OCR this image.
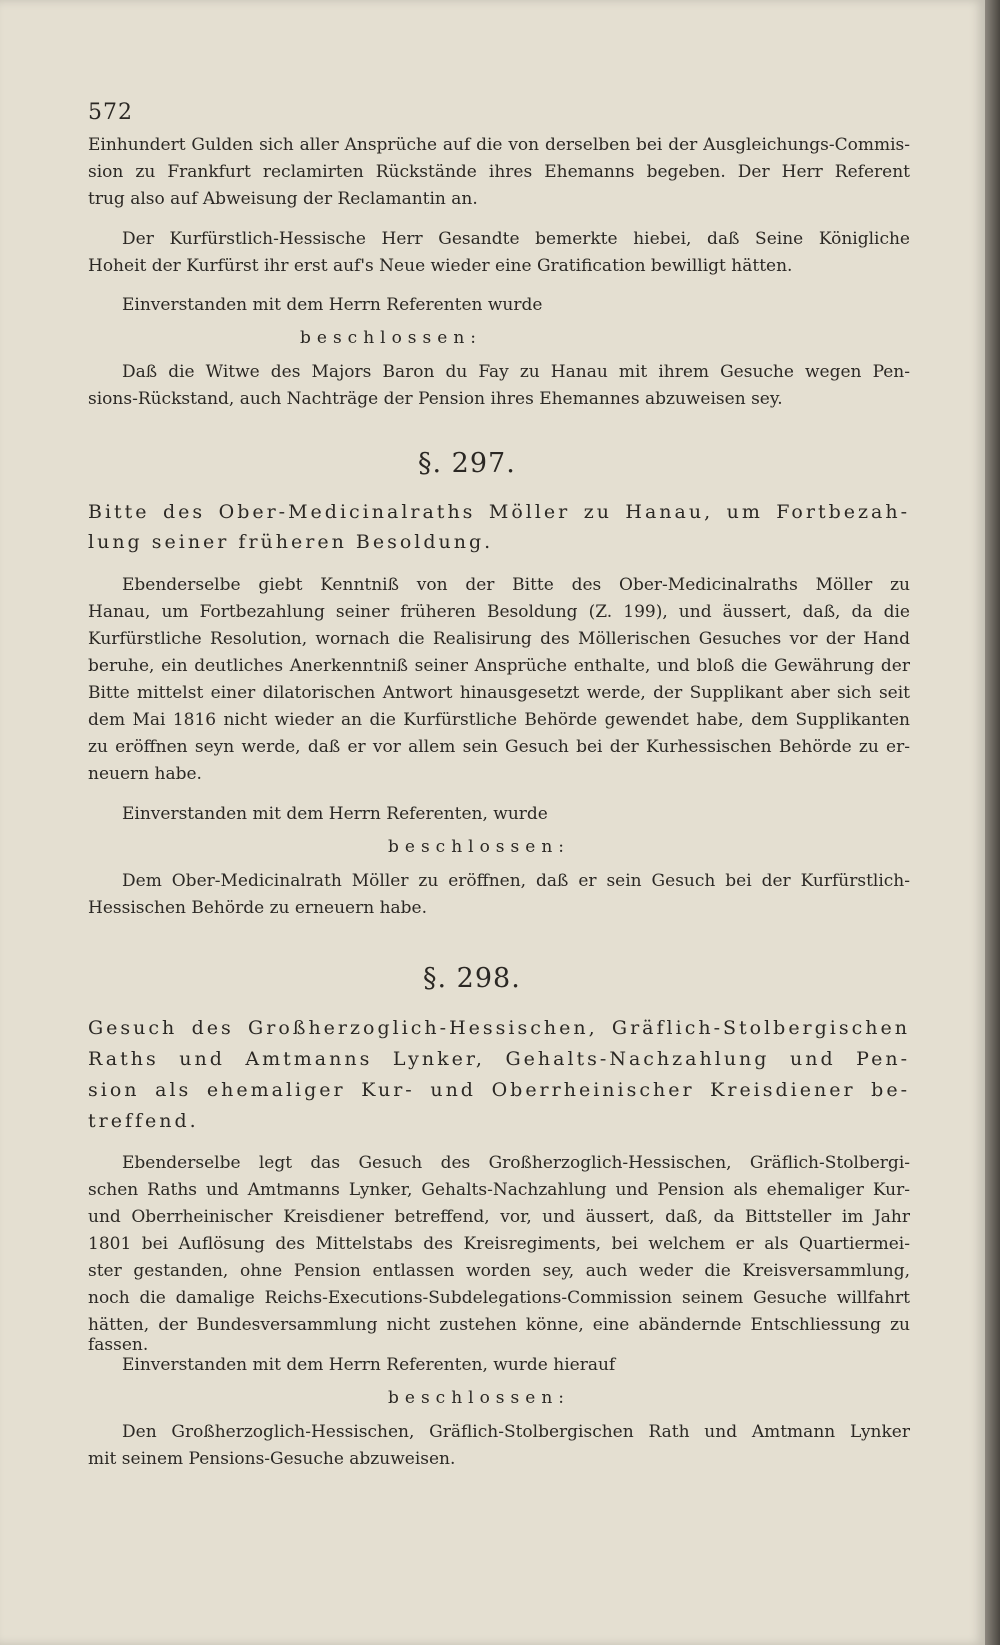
572
Einhundert Gulden sich aller Ansprüche auf die von derselben bei der Ausgleichungs-Commis-
sion zu Frankfurt reclamirten Rückstände ihres Ehemanns begeben. Der Herr Referent
trug also auf Abweisung der Reclamantin an.
Der Kurfürstlich-Hessische Herr Gesandte bemerkte hiebei, daß Seine Königliche
Hoheit der Kurfürst ihr erst auf's Neue wieder eine Gratification bewilligt hätten.
Einverstanden mit dem Herrn Referenten wurde
beschlossen:
Daß die Witwe des Majors Baron du Fay zu Hanau mit ihrem Gesuche wegen Pen-
sions-Rückstand, auch Nachträge der Pension ihres Ehemannes abzuweisen sey.
§. 297.
Bitte des Ober-Medicinalraths Möller zu Hanau, um Fortbezah-
lung seiner früheren Besoldung.
Ebenderselbe giebt Kenntniß von der Bitte des Ober-Medicinalraths Möller zu
Hanau, um Fortbezahlung seiner früheren Besoldung (Z. 199), und äussert, daß, da die
Kurfürstliche Resolution, wornach die Realisirung des Möllerischen Gesuches vor der Hand
beruhe, ein deutliches Anerkenntniß seiner Ansprüche enthalte, und bloß die Gewährung der
Bitte mittelst einer dilatorischen Antwort hinausgesetzt werde, der Supplikant aber sich seit
dem Mai 1816 nicht wieder an die Kurfürstliche Behörde gewendet habe, dem Supplikanten
zu eröffnen seyn werde, daß er vor allem sein Gesuch bei der Kurhessischen Behörde zu er-
neuern habe.
Einverstanden mit dem Herrn Referenten, wurde
beschlossen:
Dem Ober-Medicinalrath Möller zu eröffnen, daß er sein Gesuch bei der Kurfürstlich-
Hessischen Behörde zu erneuern habe.
§. 298.
Gesuch des Großherzoglich-Hessischen, Gräflich-Stolbergischen
Raths und Amtmanns Lynker, Gehalts-Nachzahlung und Pen-
sion als ehemaliger Kur- und Oberrheinischer Kreisdiener be-
treffend.
Ebenderselbe legt das Gesuch des Großherzoglich-Hessischen, Gräflich-Stolbergi-
schen Raths und Amtmanns Lynker, Gehalts-Nachzahlung und Pension als ehemaliger Kur-
und Oberrheinischer Kreisdiener betreffend, vor, und äussert, daß, da Bittsteller im Jahr
1801 bei Auflösung des Mittelstabs des Kreisregiments, bei welchem er als Quartiermei-
ster gestanden, ohne Pension entlassen worden sey, auch weder die Kreisversammlung,
noch die damalige Reichs-Executions-Subdelegations-Commission seinem Gesuche willfahrt
hätten, der Bundesversammlung nicht zustehen könne, eine abändernde Entschliessung zu fassen.
Einverstanden mit dem Herrn Referenten, wurde hierauf
beschlossen:
Den Großherzoglich-Hessischen, Gräflich-Stolbergischen Rath und Amtmann Lynker
mit seinem Pensions-Gesuche abzuweisen.
